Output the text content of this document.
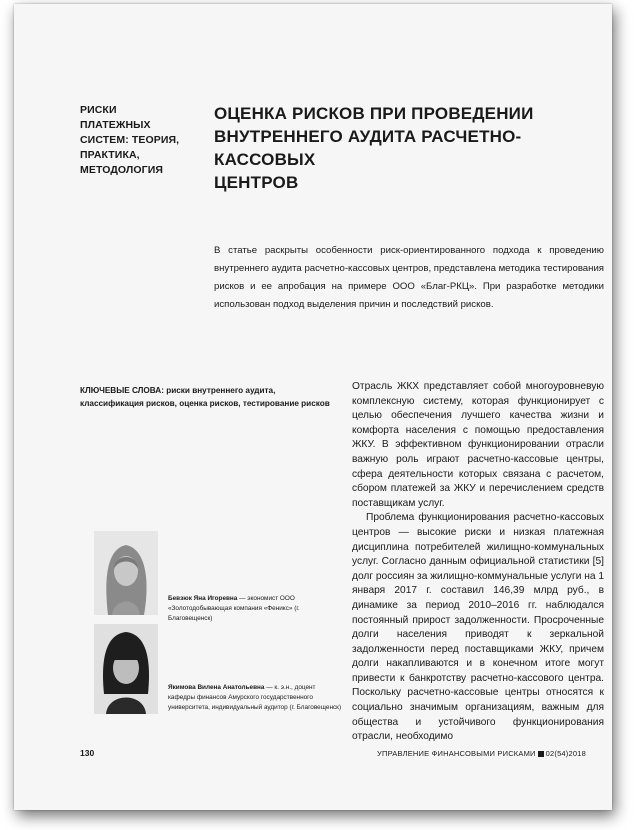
РИСКИ ПЛАТЕЖНЫХ
СИСТЕМ: ТЕОРИЯ,
ПРАКТИКА,
МЕТОДОЛОГИЯ
ОЦЕНКА РИСКОВ ПРИ ПРОВЕДЕНИИ
ВНУТРЕННЕГО АУДИТА РАСЧЕТНО-КАССОВЫХ
ЦЕНТРОВ
В статье раскрыты особенности риск-ориентированного подхода к проведению внутреннего аудита расчетно-кассовых центров, представлена методика тестирования рисков и ее апробация на примере ООО «Благ-РКЦ». При разработке методики использован подход выделения причин и последствий рисков.
КЛЮЧЕВЫЕ СЛОВА: риски внутреннего аудита, классификация рисков, оценка рисков, тестирование рисков
Бевзюк Яна Игоревна — экономист ООО «Золотодобывающая компания «Феникс» (г. Благовещенск)
Якимова Вилена Анатольевна — к. э.н., доцент кафедры финансов Амурского государственного университета, индивидуальный аудитор (г. Благовещенск)

Отрасль ЖКХ представляет собой многоуровневую комплексную систему, которая функционирует с целью обеспечения лучшего качества жизни и комфорта населения с помощью предоставления ЖКУ. В эффективном функционировании отрасли важную роль играют расчетно-кассовые центры, сфера деятельности которых связана с расчетом, сбором платежей за ЖКУ и перечислением средств поставщикам услуг.

Проблема функционирования расчетно-кассовых центров — высокие риски и низкая платежная дисциплина потребителей жилищно-коммунальных услуг. Согласно данным официальной статистики [5] долг россиян за жилищно-коммунальные услуги на 1 января 2017 г. составил 146,39 млрд руб., в динамике за период 2010–2016 гг. наблюдался постоянный прирост задолженности. Просроченные долги населения приводят к зеркальной задолженности перед поставщиками ЖКУ, причем долги накапливаются и в конечном итоге могут привести к банкротству расчетно-кассового центра. Поскольку расчетно-кассовые центры относятся к социально значимым организациям, важным для общества и устойчивого функционирования отрасли, необходимо

130	УПРАВЛЕНИЕ ФИНАНСОВЫМИ РИСКАМИ 02(54)2018
